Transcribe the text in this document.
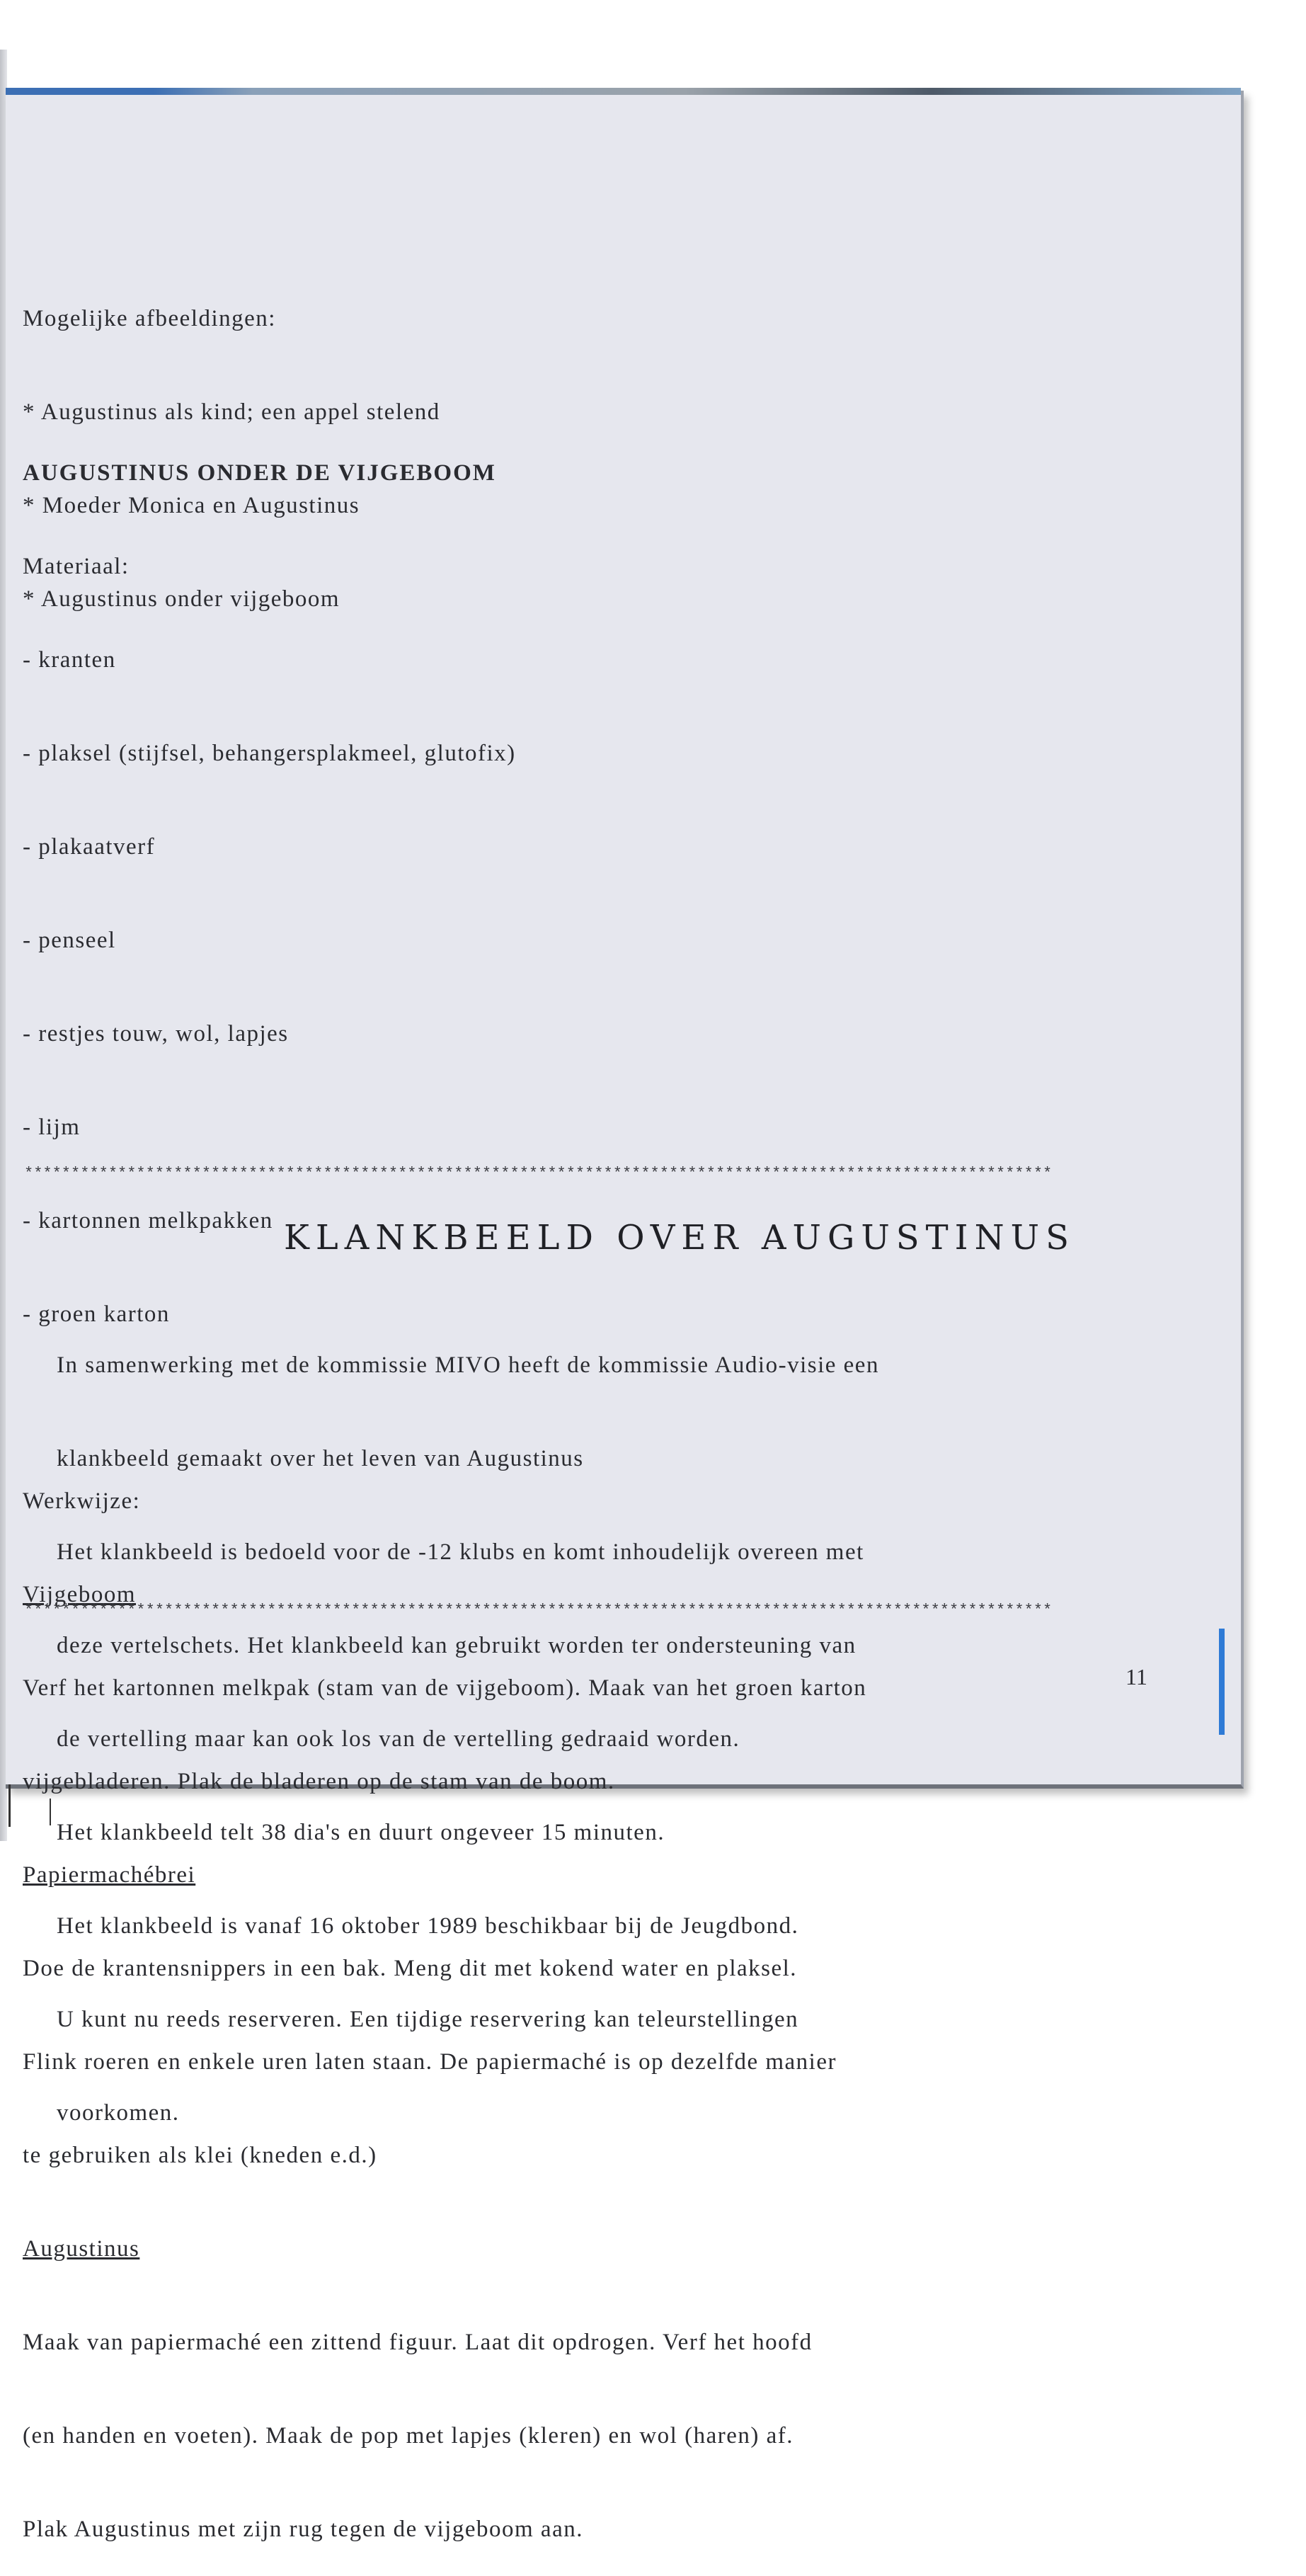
Mogelijke afbeeldingen:

* Augustinus als kind; een appel stelend

* Moeder Monica en Augustinus

* Augustinus onder vijgeboom

AUGUSTINUS ONDER DE VIJGEBOOM

Materiaal:

- kranten

- plaksel (stijfsel, behangersplakmeel, glutofix)

- plakaatverf

- penseel

- restjes touw, wol, lapjes

- lijm

- kartonnen melkpakken

- groen karton

Werkwijze:

Vijgeboom

Verf het kartonnen melkpak (stam van de vijgeboom). Maak van het groen karton

vijgebladeren. Plak de bladeren op de stam van de boom.

Papiermachébrei

Doe de krantensnippers in een bak. Meng dit met kokend water en plaksel.

Flink roeren en enkele uren laten staan. De papiermaché is op dezelfde manier

te gebruiken als klei (kneden e.d.)

Augustinus

Maak van papiermaché een zittend figuur. Laat dit opdrogen. Verf het hoofd

(en handen en voeten). Maak de pop met lapjes (kleren) en wol (haren) af.

Plak Augustinus met zijn rug tegen de vijgeboom aan.

**************************************************************************************************************
KLANKBEELD OVER AUGUSTINUS

In samenwerking met de kommissie MIVO heeft de kommissie Audio-visie een

klankbeeld gemaakt over het leven van Augustinus

Het klankbeeld is bedoeld voor de -12 klubs en komt inhoudelijk overeen met

deze vertelschets. Het klankbeeld kan gebruikt worden ter ondersteuning van

de vertelling maar kan ook los van de vertelling gedraaid worden.

Het klankbeeld telt 38 dia's en duurt ongeveer 15 minuten.

Het klankbeeld is vanaf 16 oktober 1989 beschikbaar bij de Jeugdbond.

U kunt nu reeds reserveren. Een tijdige reservering kan teleurstellingen

voorkomen.

**************************************************************************************************************
11
